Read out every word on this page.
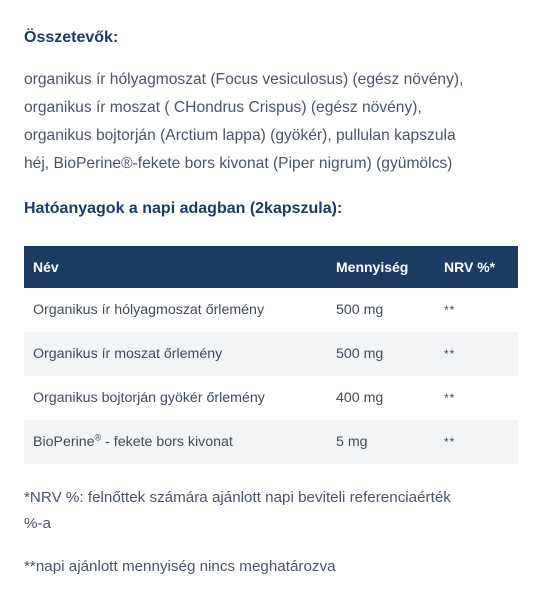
Összetevők:
organikus ír hólyagmoszat (Focus vesiculosus) (egész növény),
organikus ír moszat ( CHondrus Crispus) (egész növény),
organikus bojtorján (Arctium lappa) (gyökér), pullulan kapszula
héj, BioPerine®-fekete bors kivonat (Piper nigrum) (gyümölcs)
Hatóanyagok a napi adagban (2kapszula):
Név	Mennyiség	NRV %*
Organikus ír hólyagmoszat őrlemény	500 mg	**
Organikus ír moszat őrlemény	500 mg	**
Organikus bojtorján gyökér őrlemény	400 mg	**
BioPerine® - fekete bors kivonat	5 mg	**
*NRV %: felnőttek számára ajánlott napi beviteli referenciaérték
%-a
**napi ajánlott mennyiség nincs meghatározva
